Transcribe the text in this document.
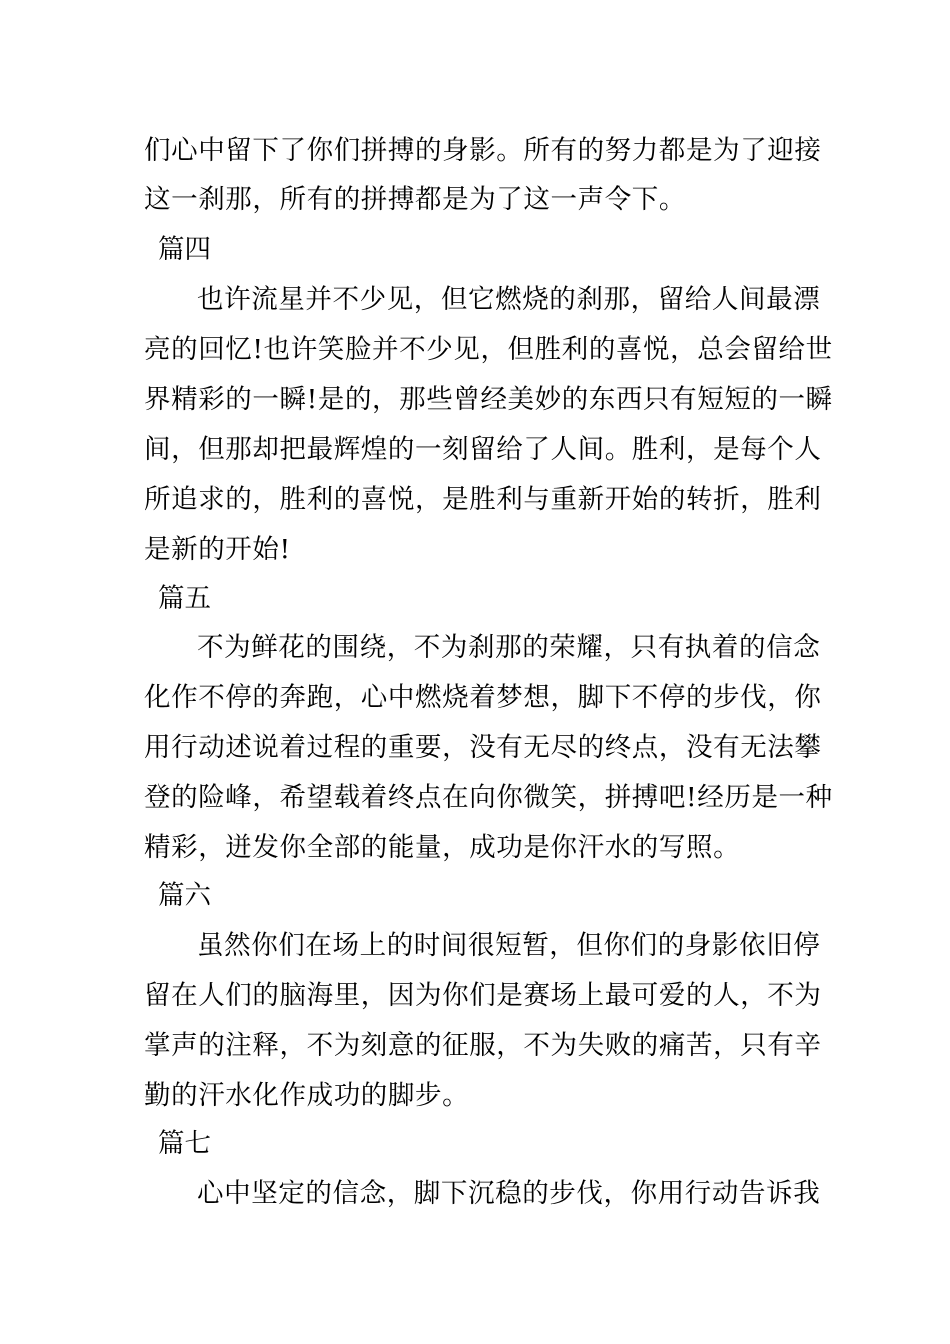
们心中留下了你们拼搏的身影。所有的努力都是为了迎接
这一刹那，所有的拼搏都是为了这一声令下。
篇四
也许流星并不少见，但它燃烧的刹那，留给人间最漂
亮的回忆!也许笑脸并不少见，但胜利的喜悦，总会留给世
界精彩的一瞬!是的，那些曾经美妙的东西只有短短的一瞬
间，但那却把最辉煌的一刻留给了人间。胜利，是每个人
所追求的，胜利的喜悦，是胜利与重新开始的转折，胜利
是新的开始!
篇五
不为鲜花的围绕，不为刹那的荣耀，只有执着的信念
化作不停的奔跑，心中燃烧着梦想，脚下不停的步伐，你
用行动述说着过程的重要，没有无尽的终点，没有无法攀
登的险峰，希望载着终点在向你微笑，拼搏吧!经历是一种
精彩，迸发你全部的能量，成功是你汗水的写照。
篇六
虽然你们在场上的时间很短暂，但你们的身影依旧停
留在人们的脑海里，因为你们是赛场上最可爱的人，不为
掌声的注释，不为刻意的征服，不为失败的痛苦，只有辛
勤的汗水化作成功的脚步。
篇七
心中坚定的信念，脚下沉稳的步伐，你用行动告诉我
